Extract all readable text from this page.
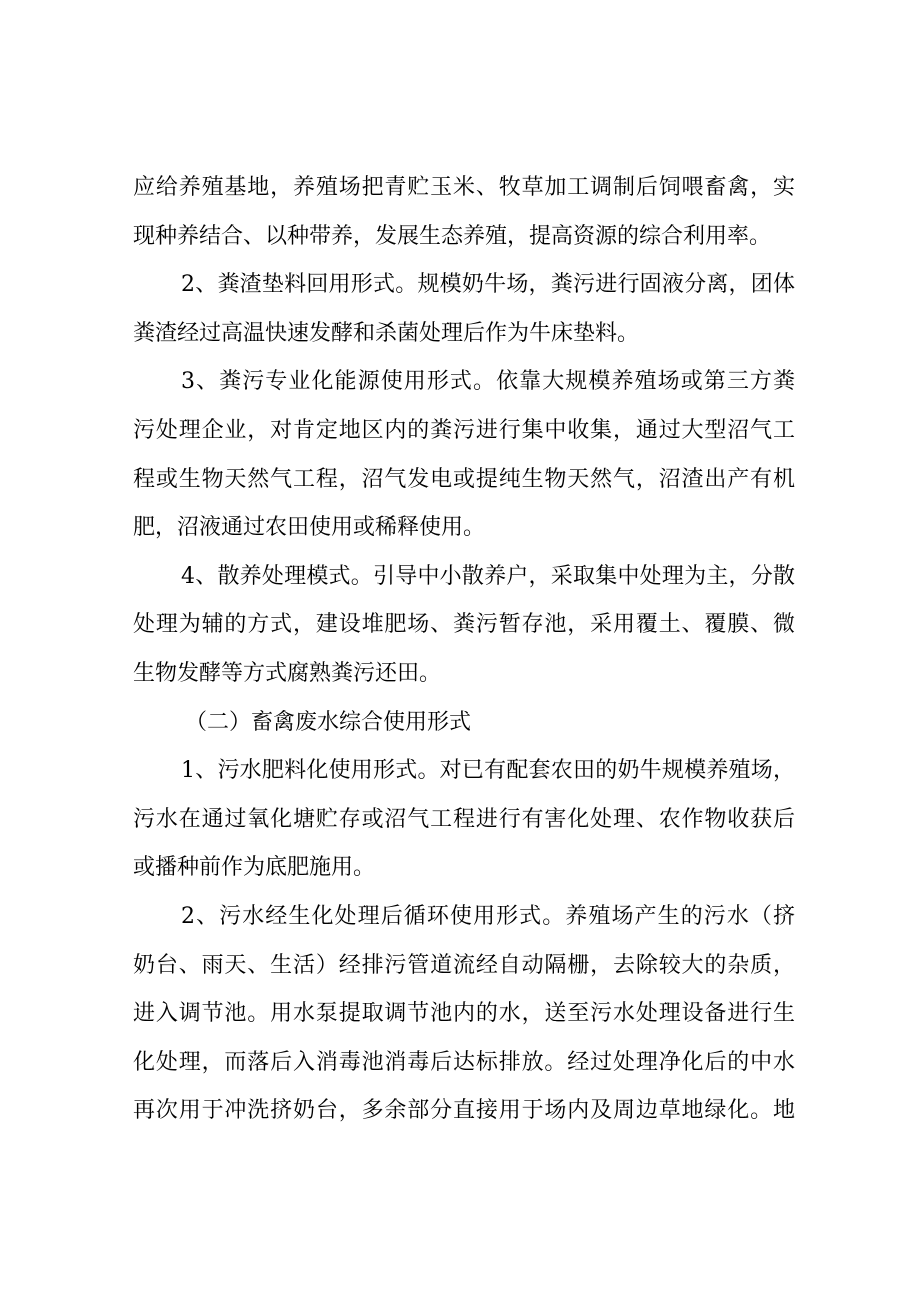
应给养殖基地，养殖场把青贮玉米、牧草加工调制后饲喂畜禽，实
现种养结合、以种带养，发展生态养殖，提高资源的综合利用率。
2、粪渣垫料回用形式。规模奶牛场，粪污进行固液分离，团体
粪渣经过高温快速发酵和杀菌处理后作为牛床垫料。
3、粪污专业化能源使用形式。依靠大规模养殖场或第三方粪
污处理企业，对肯定地区内的粪污进行集中收集，通过大型沼气工
程或生物天然气工程，沼气发电或提纯生物天然气，沼渣出产有机
肥，沼液通过农田使用或稀释使用。
4、散养处理模式。引导中小散养户，采取集中处理为主，分散
处理为辅的方式，建设堆肥场、粪污暂存池，采用覆土、覆膜、微
生物发酵等方式腐熟粪污还田。
（二）畜禽废水综合使用形式
1、污水肥料化使用形式。对已有配套农田的奶牛规模养殖场，
污水在通过氧化塘贮存或沼气工程进行有害化处理、农作物收获后
或播种前作为底肥施用。
2、污水经生化处理后循环使用形式。养殖场产生的污水（挤
奶台、雨天、生活）经排污管道流经自动隔栅，去除较大的杂质，
进入调节池。用水泵提取调节池内的水，送至污水处理设备进行生
化处理，而落后入消毒池消毒后达标排放。经过处理净化后的中水
再次用于冲洗挤奶台，多余部分直接用于场内及周边草地绿化。地
